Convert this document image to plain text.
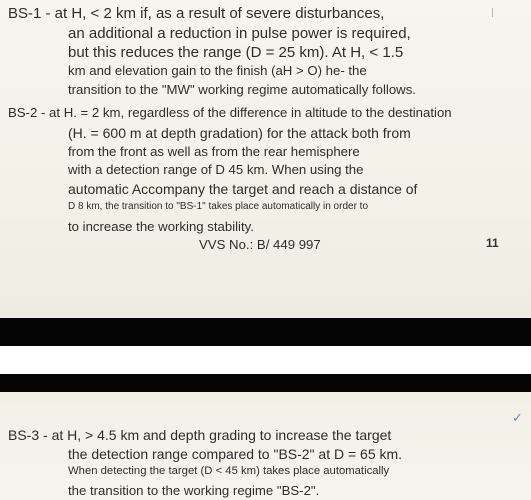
BS-1 - at H, < 2 km if, as a result of severe disturbances,
an additional a reduction in pulse power is required,
but this reduces the range (D = 25 km). At H, < 1.5
km and elevation gain to the finish (aH > O) he- the
transition to the "MW" working regime automatically follows.
BS-2 - at H. = 2 km, regardless of the difference in altitude to the destination
(H. = 600 m at depth gradation) for the attack both from
from the front as well as from the rear hemisphere
with a detection range of D 45 km. When using the
automatic Accompany the target and reach a distance of
D 8 km, the transition to "BS-1" takes place automatically in order to
to increase the working stability.
VVS No.: B/ 449 997	11
✓
BS-3 - at H, > 4.5 km and depth grading to increase the target
the detection range compared to "BS-2" at D = 65 km.
When detecting the target (D < 45 km) takes place automatically
the transition to the working regime "BS-2".
